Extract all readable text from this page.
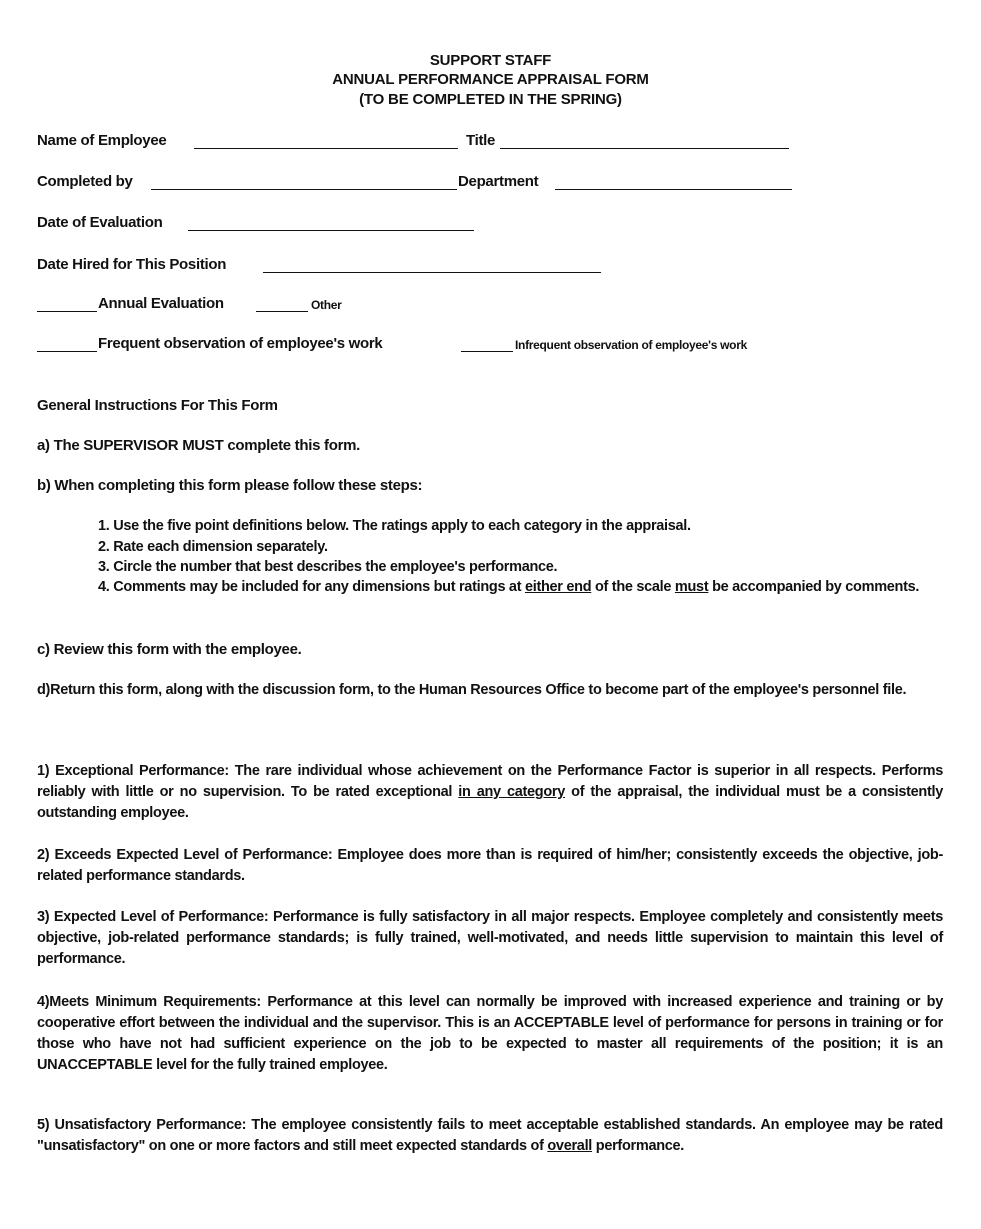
SUPPORT STAFF
ANNUAL PERFORMANCE APPRAISAL FORM
(TO BE COMPLETED IN THE SPRING)
Name of Employee	Title
Completed by	Department
Date of Evaluation
Date Hired for This Position
Annual Evaluation	Other
Frequent observation of employee's work	Infrequent observation of employee's work
General Instructions For This Form
a) The SUPERVISOR MUST complete this form.
b) When completing this form please follow these steps:
1. Use the five point definitions below. The ratings apply to each category in the appraisal.
2. Rate each dimension separately.
3. Circle the number that best describes the employee's performance.
4. Comments may be included for any dimensions but ratings at either end of the scale must be accompanied by comments.
c) Review this form with the employee.
d)Return this form, along with the discussion form, to the Human Resources Office to become part of the employee's personnel file.
1) Exceptional Performance: The rare individual whose achievement on the Performance Factor is superior in all respects. Performs reliably with little or no supervision. To be rated exceptional in any category of the appraisal, the individual must be a consistently outstanding employee.
2) Exceeds Expected Level of Performance: Employee does more than is required of him/her; consistently exceeds the objective, job-related performance standards.
3) Expected Level of Performance: Performance is fully satisfactory in all major respects. Employee completely and consistently meets objective, job-related performance standards; is fully trained, well-motivated, and needs little supervision to maintain this level of performance.
4)Meets Minimum Requirements: Performance at this level can normally be improved with increased experience and training or by cooperative effort between the individual and the supervisor. This is an ACCEPTABLE level of performance for persons in training or for those who have not had sufficient experience on the job to be expected to master all requirements of the position; it is an UNACCEPTABLE level for the fully trained employee.
5) Unsatisfactory Performance: The employee consistently fails to meet acceptable established standards. An employee may be rated "unsatisfactory" on one or more factors and still meet expected standards of overall performance.
